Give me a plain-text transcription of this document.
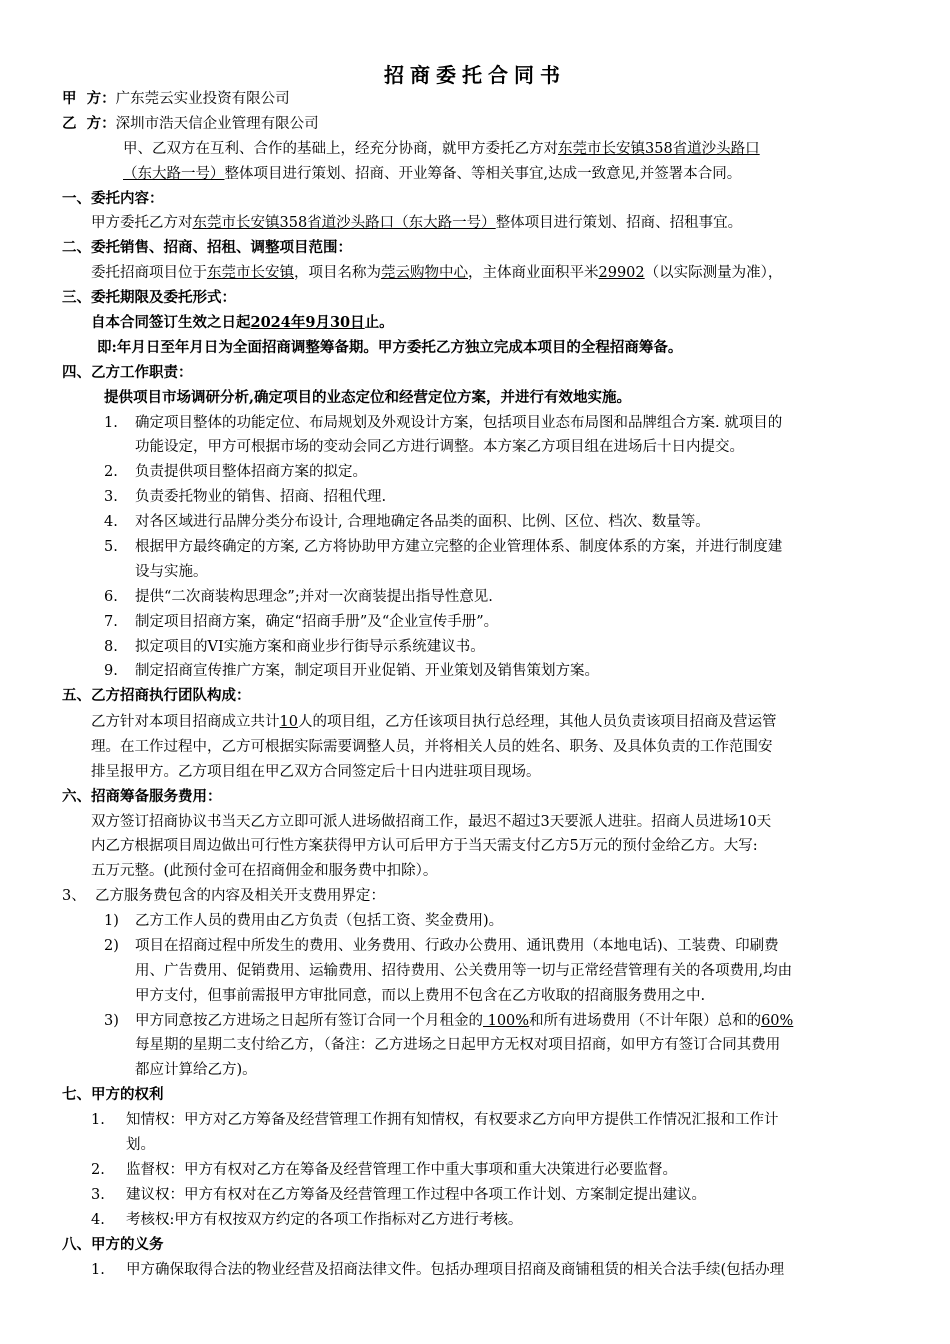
招商委托合同书
甲  方：广东莞云实业投资有限公司
乙  方：深圳市浩天信企业管理有限公司
甲、乙双方在互利、合作的基础上，经充分协商，就甲方委托乙方对东莞市长安镇358省道沙头路口
（东大路一号）整体项目进行策划、招商、开业筹备、等相关事宜,达成一致意见,并签署本合同。
一、委托内容：
甲方委托乙方对东莞市长安镇358省道沙头路口（东大路一号）整体项目进行策划、招商、招租事宜。
二、委托销售、招商、招租、调整项目范围：
委托招商项目位于东莞市长安镇，项目名称为莞云购物中心，主体商业面积平米29902（以实际测量为准），
三、委托期限及委托形式：
自本合同签订生效之日起2024年9月30日止。
即:年月日至年月日为全面招商调整筹备期。甲方委托乙方独立完成本项目的全程招商筹备。
四、乙方工作职责：
提供项目市场调研分析,确定项目的业态定位和经营定位方案，并进行有效地实施。
1. 确定项目整体的功能定位、布局规划及外观设计方案，包括项目业态布局图和品牌组合方案. 就项目的
功能设定，甲方可根据市场的变动会同乙方进行调整。本方案乙方项目组在进场后十日内提交。
2. 负责提供项目整体招商方案的拟定。
3. 负责委托物业的销售、招商、招租代理.
4. 对各区域进行品牌分类分布设计, 合理地确定各品类的面积、比例、区位、档次、数量等。
5. 根据甲方最终确定的方案, 乙方将协助甲方建立完整的企业管理体系、制度体系的方案，并进行制度建
设与实施。
6. 提供“二次商装构思理念”;并对一次商装提出指导性意见.
7. 制定项目招商方案，确定“招商手册”及“企业宣传手册”。
8. 拟定项目的VI实施方案和商业步行街导示系统建议书。
9. 制定招商宣传推广方案，制定项目开业促销、开业策划及销售策划方案。
五、乙方招商执行团队构成：
乙方针对本项目招商成立共计10人的项目组，乙方任该项目执行总经理，其他人员负责该项目招商及营运管
理。在工作过程中，乙方可根据实际需要调整人员，并将相关人员的姓名、职务、及具体负责的工作范围安
排呈报甲方。乙方项目组在甲乙双方合同签定后十日内进驻项目现场。
六、招商筹备服务费用：
双方签订招商协议书当天乙方立即可派人进场做招商工作，最迟不超过3天要派人进驻。招商人员进场10天
内乙方根据项目周边做出可行性方案获得甲方认可后甲方于当天需支付乙方5万元的预付金给乙方。大写:
五万元整。(此预付金可在招商佣金和服务费中扣除）。
3、  乙方服务费包含的内容及相关开支费用界定：
1) 乙方工作人员的费用由乙方负责（包括工资、奖金费用)。
2) 项目在招商过程中所发生的费用、业务费用、行政办公费用、通讯费用（本地电话)、工装费、印刷费
用、广告费用、促销费用、运输费用、招待费用、公关费用等一切与正常经营管理有关的各项费用,均由
甲方支付，但事前需报甲方审批同意，而以上费用不包含在乙方收取的招商服务费用之中.
3) 甲方同意按乙方进场之日起所有签订合同一个月租金的 100%和所有进场费用（不计年限）总和的60%
每星期的星期二支付给乙方，（备注：乙方进场之日起甲方无权对项目招商，如甲方有签订合同其费用
都应计算给乙方)。
七、甲方的权利
1. 知情权：甲方对乙方筹备及经营管理工作拥有知情权，有权要求乙方向甲方提供工作情况汇报和工作计
划。
2. 监督权：甲方有权对乙方在筹备及经营管理工作中重大事项和重大决策进行必要监督。
3. 建议权：甲方有权对在乙方筹备及经营管理工作过程中各项工作计划、方案制定提出建议。
4. 考核权:甲方有权按双方约定的各项工作指标对乙方进行考核。
八、甲方的义务
1. 甲方确保取得合法的物业经营及招商法律文件。包括办理项目招商及商铺租赁的相关合法手续(包括办理
